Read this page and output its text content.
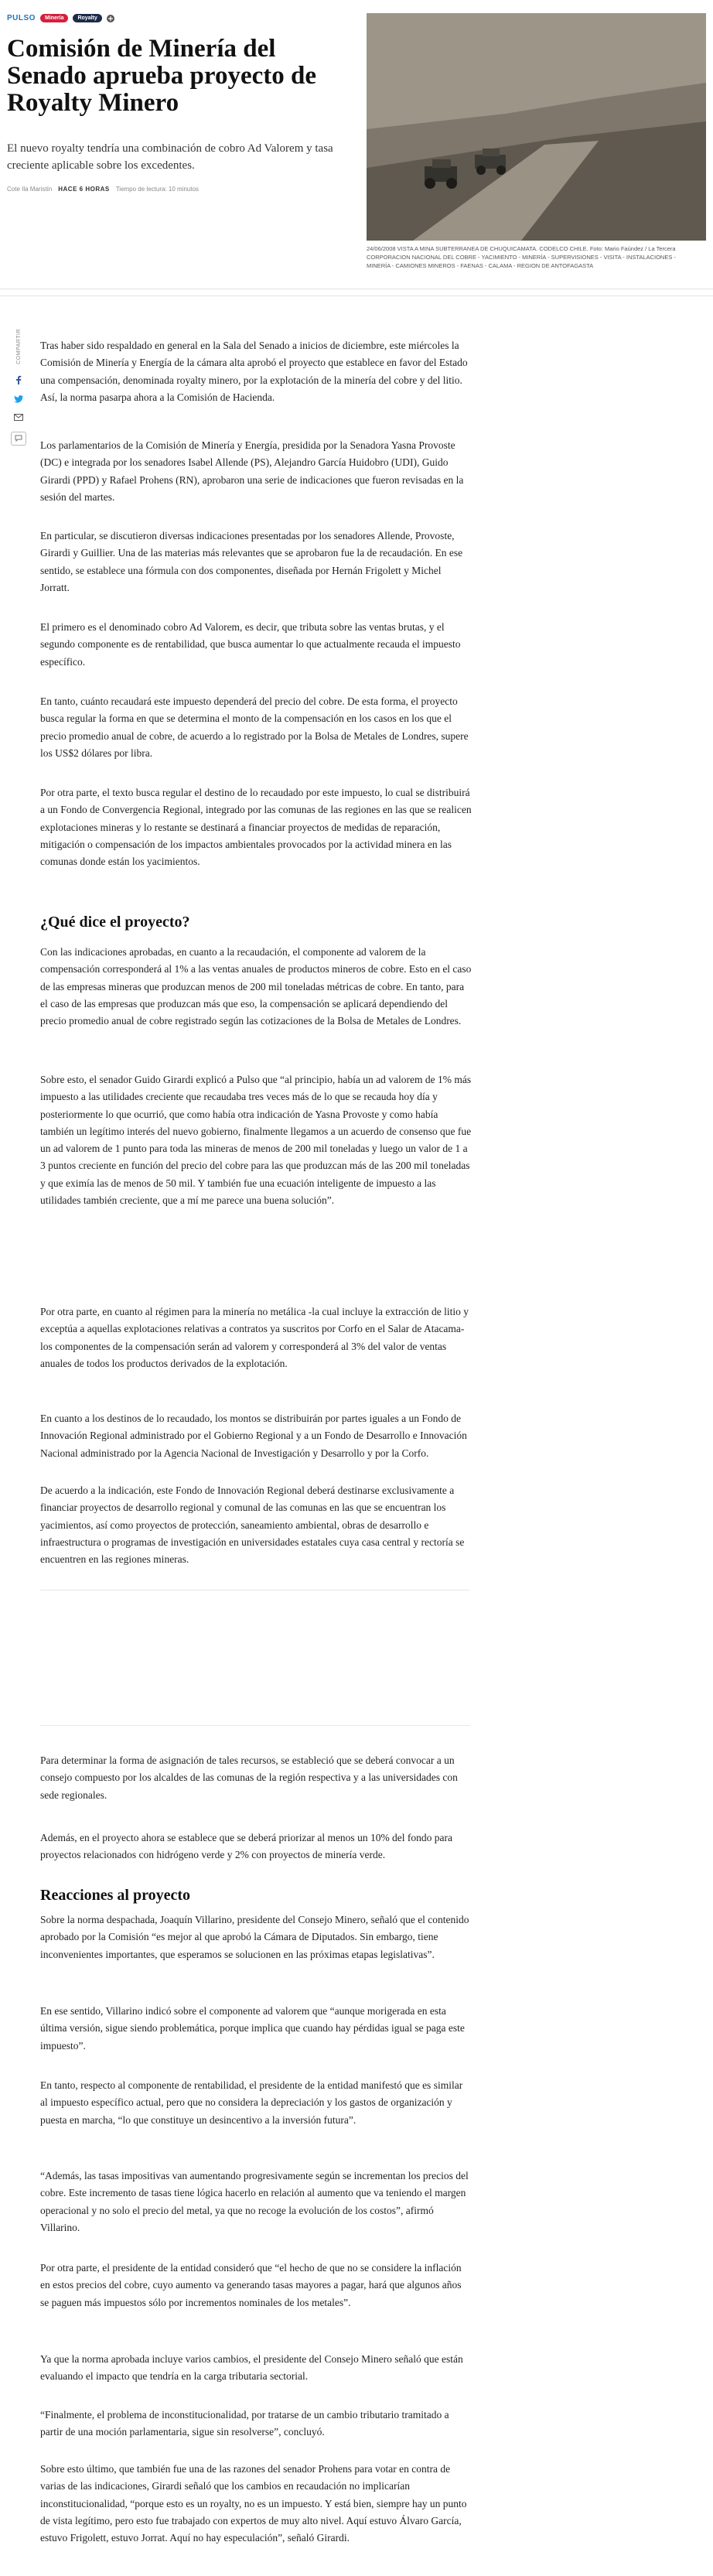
PULSO	Minería	Royalty
Comisión de Minería del Senado aprueba proyecto de Royalty Minero
El nuevo royalty tendría una combinación de cobro Ad Valorem y tasa creciente aplicable sobre los excedentes.
Cote Ila Maristín HACE 6 HORAS Tiempo de lectura: 10 minutos
24/06/2008 VISTA A MINA SUBTERRANEA DE CHUQUICAMATA. CODELCO CHILE. Foto: Mario Faúndez / La Tercera CORPORACION NACIONAL DEL COBRE - YACIMIENTO - MINERÍA - SUPERVISIONES - VISITA - INSTALACIONES - MINERÍA - CAMIONES MINEROS - FAENAS - CALAMA - REGION DE ANTOFAGASTA
COMPARTIR Tras haber sido respaldado en general en la Sala del Senado a inicios de diciembre, este miércoles la Comisión de Minería y Energía de la cámara alta aprobó el proyecto que establece en favor del Estado una compensación, denominada royalty minero, por la explotación de la minería del cobre y del litio. Así, la norma pasarpa ahora a la Comisión de Hacienda.

Los parlamentarios de la Comisión de Minería y Energía, presidida por la Senadora Yasna Provoste (DC) e integrada por los senadores Isabel Allende (PS), Alejandro García Huidobro (UDI), Guido Girardi (PPD) y Rafael Prohens (RN), aprobaron una serie de indicaciones que fueron revisadas en la sesión del martes.

En particular, se discutieron diversas indicaciones presentadas por los senadores Allende, Provoste, Girardi y Guillier. Una de las materias más relevantes que se aprobaron fue la de recaudación. En ese sentido, se establece una fórmula con dos componentes, diseñada por Hernán Frigolett y Michel Jorratt.

El primero es el denominado cobro Ad Valorem, es decir, que tributa sobre las ventas brutas, y el segundo componente es de rentabilidad, que busca aumentar lo que actualmente recauda el impuesto específico.

En tanto, cuánto recaudará este impuesto dependerá del precio del cobre. De esta forma, el proyecto busca regular la forma en que se determina el monto de la compensación en los casos en los que el precio promedio anual de cobre, de acuerdo a lo registrado por la Bolsa de Metales de Londres, supere los US$2 dólares por libra.

Por otra parte, el texto busca regular el destino de lo recaudado por este impuesto, lo cual se distribuirá a un Fondo de Convergencia Regional, integrado por las comunas de las regiones en las que se realicen explotaciones mineras y lo restante se destinará a financiar proyectos de medidas de reparación, mitigación o compensación de los impactos ambientales provocados por la actividad minera en las comunas donde están los yacimientos.

¿Qué dice el proyecto?

Con las indicaciones aprobadas, en cuanto a la recaudación, el componente ad valorem de la compensación corresponderá al 1% a las ventas anuales de productos mineros de cobre. Esto en el caso de las empresas mineras que produzcan menos de 200 mil toneladas métricas de cobre. En tanto, para el caso de las empresas que produzcan más que eso, la compensación se aplicará dependiendo del precio promedio anual de cobre registrado según las cotizaciones de la Bolsa de Metales de Londres.

Sobre esto, el senador Guido Girardi explicó a Pulso que “al principio, había un ad valorem de 1% más impuesto a las utilidades creciente que recaudaba tres veces más de lo que se recauda hoy día y posteriormente lo que ocurrió, que como había otra indicación de Yasna Provoste y como había también un legítimo interés del nuevo gobierno, finalmente llegamos a un acuerdo de consenso que fue un ad valorem de 1 punto para toda las mineras de menos de 200 mil toneladas y luego un valor de 1 a 3 puntos creciente en función del precio del cobre para las que produzcan más de las 200 mil toneladas y que eximía las de menos de 50 mil. Y también fue una ecuación inteligente de impuesto a las utilidades también creciente, que a mí me parece una buena solución”.

Por otra parte, en cuanto al régimen para la minería no metálica -la cual incluye la extracción de litio y exceptúa a aquellas explotaciones relativas a contratos ya suscritos por Corfo en el Salar de Atacama- los componentes de la compensación serán ad valorem y corresponderá al 3% del valor de ventas anuales de todos los productos derivados de la explotación.

En cuanto a los destinos de lo recaudado, los montos se distribuirán por partes iguales a un Fondo de Innovación Regional administrado por el Gobierno Regional y a un Fondo de Desarrollo e Innovación Nacional administrado por la Agencia Nacional de Investigación y Desarrollo y por la Corfo.

De acuerdo a la indicación, este Fondo de Innovación Regional deberá destinarse exclusivamente a financiar proyectos de desarrollo regional y comunal de las comunas en las que se encuentran los yacimientos, así como proyectos de protección, saneamiento ambiental, obras de desarrollo e infraestructura o programas de investigación en universidades estatales cuya casa central y rectoría se encuentren en las regiones mineras.

Para determinar la forma de asignación de tales recursos, se estableció que se deberá convocar a un consejo compuesto por los alcaldes de las comunas de la región respectiva y a las universidades con sede regionales.

Además, en el proyecto ahora se establece que se deberá priorizar al menos un 10% del fondo para proyectos relacionados con hidrógeno verde y 2% con proyectos de minería verde.

Reacciones al proyecto

Sobre la norma despachada, Joaquín Villarino, presidente del Consejo Minero, señaló que el contenido aprobado por la Comisión “es mejor al que aprobó la Cámara de Diputados. Sin embargo, tiene inconvenientes importantes, que esperamos se solucionen en las próximas etapas legislativas”.

En ese sentido, Villarino indicó sobre el componente ad valorem que “aunque morigerada en esta última versión, sigue siendo problemática, porque implica que cuando hay pérdidas igual se paga este impuesto”.

En tanto, respecto al componente de rentabilidad, el presidente de la entidad manifestó que es similar al impuesto específico actual, pero que no considera la depreciación y los gastos de organización y puesta en marcha, “lo que constituye un desincentivo a la inversión futura”.

“Además, las tasas impositivas van aumentando progresivamente según se incrementan los precios del cobre. Este incremento de tasas tiene lógica hacerlo en relación al aumento que va teniendo el margen operacional y no solo el precio del metal, ya que no recoge la evolución de los costos”, afirmó Villarino.

Por otra parte, el presidente de la entidad consideró que “el hecho de que no se considere la inflación en estos precios del cobre, cuyo aumento va generando tasas mayores a pagar, hará que algunos años se paguen más impuestos sólo por incrementos nominales de los metales”.

Ya que la norma aprobada incluye varios cambios, el presidente del Consejo Minero señaló que están evaluando el impacto que tendría en la carga tributaria sectorial.

“Finalmente, el problema de inconstitucionalidad, por tratarse de un cambio tributario tramitado a partir de una moción parlamentaria, sigue sin resolverse”, concluyó.

Sobre esto último, que también fue una de las razones del senador Prohens para votar en contra de varias de las indicaciones, Girardi señaló que los cambios en recaudación no implicarían inconstitucionalidad, “porque esto es un royalty, no es un impuesto. Y está bien, siempre hay un punto de vista legítimo, pero esto fue trabajado con expertos de muy alto nivel. Aquí estuvo Álvaro García, estuvo Frigolett, estuvo Jorrat. Aquí no hay especulación”, señaló Girardi.
